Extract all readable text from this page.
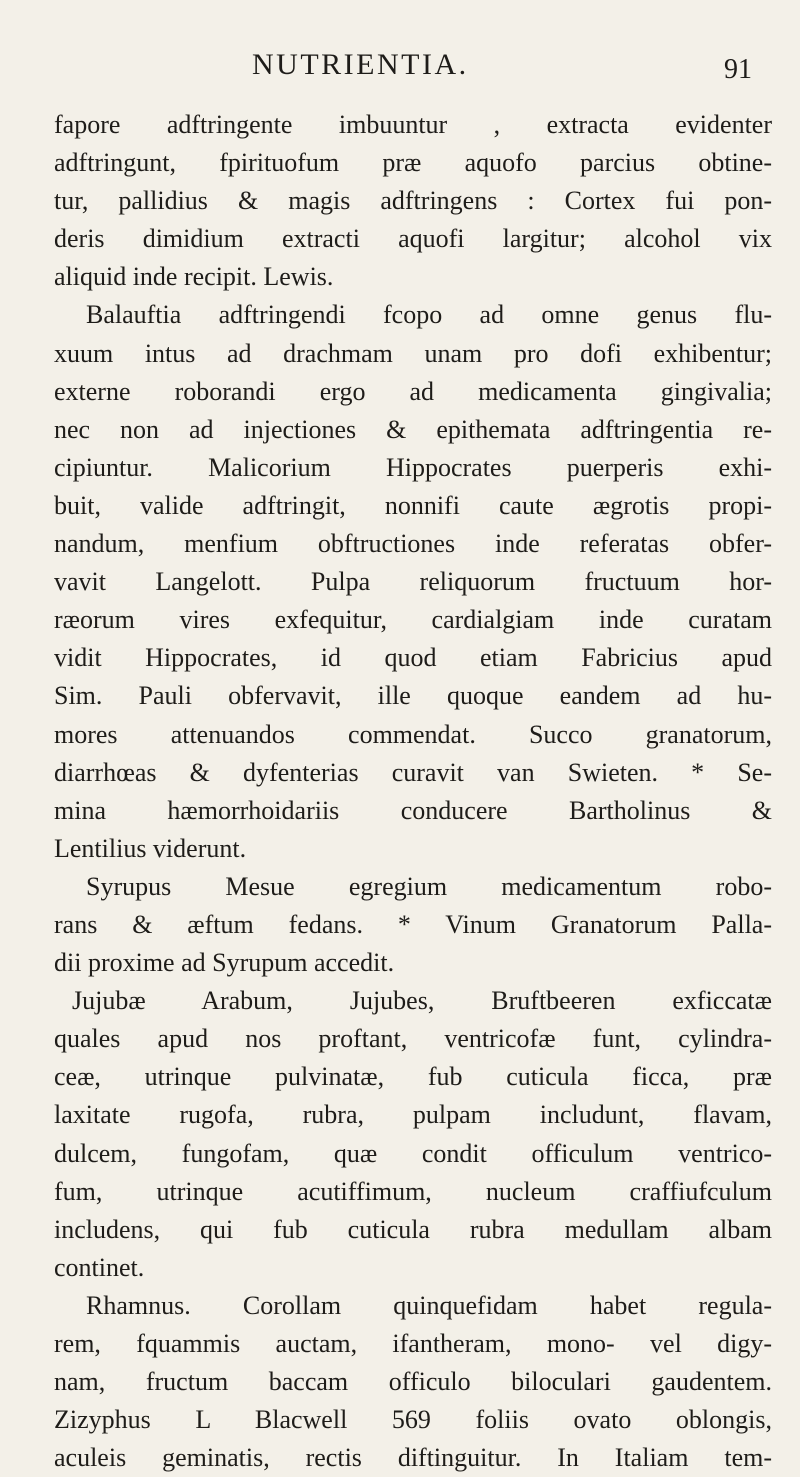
NUTRIENTIA.	91
fapore adftringente imbuuntur , extracta evidenter
adftringunt, fpirituofum præ aquofo parcius obtine-
tur, pallidius & magis adftringens : Cortex fui pon-
deris dimidium extracti aquofi largitur; alcohol vix
aliquid inde recipit. Lewis.
Balauftia adftringendi fcopo ad omne genus flu-
xuum intus ad drachmam unam pro dofi exhibentur;
externe roborandi ergo ad medicamenta gingivalia;
nec non ad injectiones & epithemata adftringentia re-
cipiuntur. Malicorium Hippocrates puerperis exhi-
buit, valide adftringit, nonnifi caute ægrotis propi-
nandum, menfium obftructiones inde referatas obfer-
vavit Langelott. Pulpa reliquorum fructuum hor-
ræorum vires exfequitur, cardialgiam inde curatam
vidit Hippocrates, id quod etiam Fabricius apud
Sim. Pauli obfervavit, ille quoque eandem ad hu-
mores attenuandos commendat. Succo granatorum,
diarrhœas & dyfenterias curavit van Swieten. * Se-
mina hæmorrhoidariis conducere Bartholinus &
Lentilius viderunt.
Syrupus Mesue egregium medicamentum robo-
rans & æftum fedans. * Vinum Granatorum Palla-
dii proxime ad Syrupum accedit.
Jujubæ Arabum, Jujubes, Bruftbeeren exficcatæ
quales apud nos proftant, ventricofæ funt, cylindra-
ceæ, utrinque pulvinatæ, fub cuticula ficca, præ
laxitate rugofa, rubra, pulpam includunt, flavam,
dulcem, fungofam, quæ condit officulum ventrico-
fum, utrinque acutiffimum, nucleum craffiufculum
includens, qui fub cuticula rubra medullam albam
continet.
Rhamnus. Corollam quinquefidam habet regula-
rem, fquammis auctam, ifantheram, mono- vel digy-
nam, fructum baccam officulo biloculari gaudentem.
Zizyphus L Blacwell 569 foliis ovato oblongis,
aculeis geminatis, rectis diftinguitur. In Italiam tem-
